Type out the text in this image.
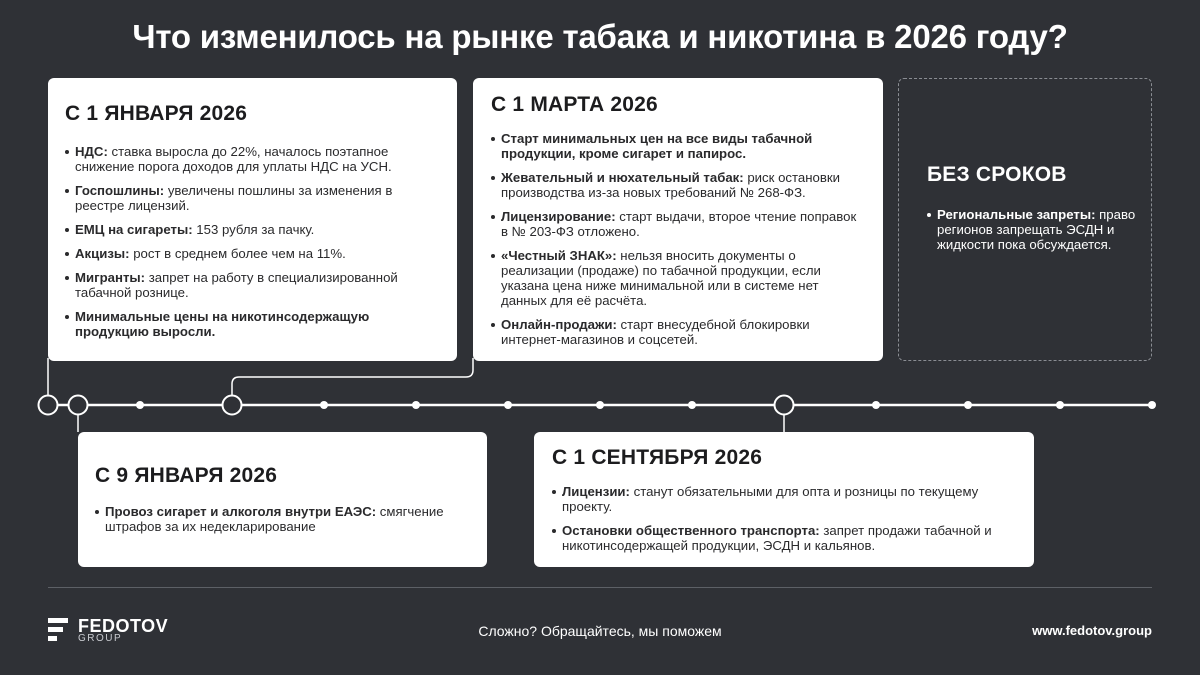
Что изменилось на рынке табака и никотина в 2026 году?
С 1 ЯНВАРЯ 2026
НДС: ставка выросла до 22%, началось поэтапное снижение порога доходов для уплаты НДС на УСН.
Госпошлины: увеличены пошлины за изменения в реестре лицензий.
ЕМЦ на сигареты: 153 рубля за пачку.
Акцизы: рост в среднем более чем на 11%.
Мигранты: запрет на работу в специализированной табачной рознице.
Минимальные цены на никотинсодержащую продукцию выросли.
С 1 МАРТА 2026
Старт минимальных цен на все виды табачной продукции, кроме сигарет и папирос.
Жевательный и нюхательный табак: риск остановки производства из-за новых требований № 268-ФЗ.
Лицензирование: старт выдачи, второе чтение поправок в № 203-ФЗ отложено.
«Честный ЗНАК»: нельзя вносить документы о реализации (продаже) по табачной продукции, если указана цена ниже минимальной или в системе нет данных для её расчёта.
Онлайн-продажи: старт внесудебной блокировки интернет-магазинов и соцсетей.
БЕЗ СРОКОВ
Региональные запреты: право регионов запрещать ЭСДН и жидкости пока обсуждается.
С 9 ЯНВАРЯ 2026
Провоз сигарет и алкоголя внутри ЕАЭС: смягчение штрафов за их недекларирование
С 1 СЕНТЯБРЯ 2026
Лицензии: станут обязательными для опта и розницы по текущему проекту.
Остановки общественного транспорта: запрет продажи табачной и никотинсодержащей продукции, ЭСДН и кальянов.
FEDOTOV
GROUP	Сложно? Обращайтесь, мы поможем	www.fedotov.group
